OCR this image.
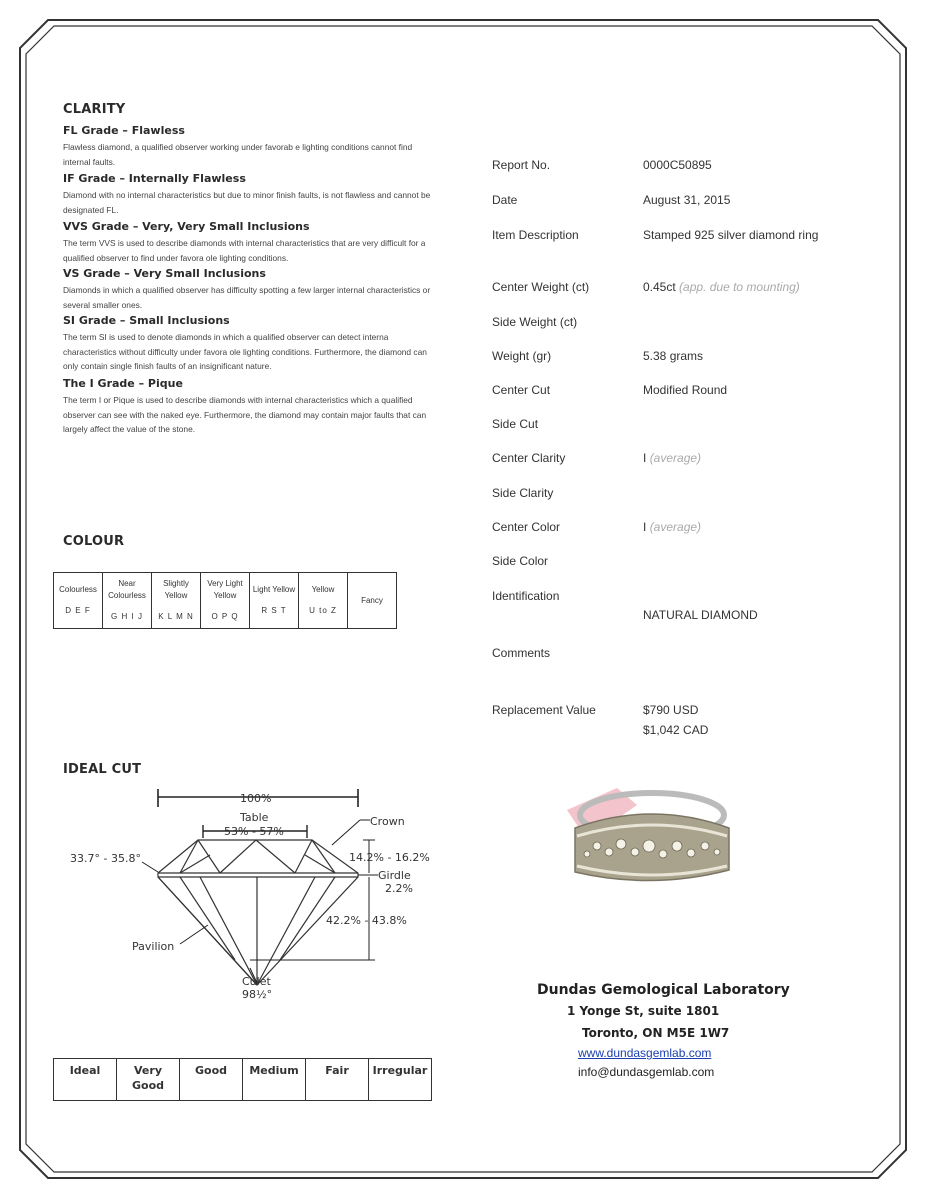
CLARITY
FL Grade – Flawless
Flawless diamond, a qualified observer working under favorab e lighting conditions cannot find internal faults.
IF Grade – Internally Flawless
Diamond with no internal characteristics but due to minor finish faults, is not flawless and cannot be designated FL.
VVS Grade – Very, Very Small Inclusions
The term VVS is used to describe diamonds with internal characteristics that are very difficult for a qualified observer to find under favora ole lighting conditions.
VS Grade – Very Small Inclusions
Diamonds in which a qualified observer has difficulty spotting a few larger internal characteristics or several smaller ones.
SI Grade – Small Inclusions
The term SI is used to denote diamonds in which a qualified observer can detect interna characteristics without difficulty under favora ole lighting conditions. Furthermore, the diamond can only contain single finish faults of an insignificant nature.
The I Grade – Pique
The term I or Pique is used to describe diamonds with internal characteristics which a qualified observer can see with the naked eye. Furthermore, the diamond may contain major faults that can largely affect the value of the stone.
COLOUR
Colourless
D E F
	Near Colourless
G H I J
	Slightly Yellow
K L M N
	Very Light Yellow
O P Q
	Light Yellow
R S T
	Yellow
U to Z
	Fancy
IDEAL CUT
100%
Table
53% - 57%
Crown
33.7° - 35.8°	14.2% - 16.2%
Girdle
2.2%
42.2% - 43.8%
Pavilion
Culet
98½°
Ideal	Very Good	Good	Medium	Fair	Irregular
Report No.	0000C50895
Date	August 31, 2015
Item Description	Stamped 925 silver diamond ring
Center Weight (ct)	0.45ct (app. due to mounting)
Side Weight (ct)
Weight (gr)	5.38 grams
Center Cut	Modified Round
Side Cut
Center Clarity	I (average)
Side Clarity
Center Color	I (average)
Side Color
Identification
NATURAL DIAMOND
Comments
Replacement Value	$790 USD
$1,042 CAD
Dundas Gemological Laboratory
1 Yonge St, suite 1801
Toronto, ON M5E 1W7
www.dundasgemlab.com
info@dundasgemlab.com
